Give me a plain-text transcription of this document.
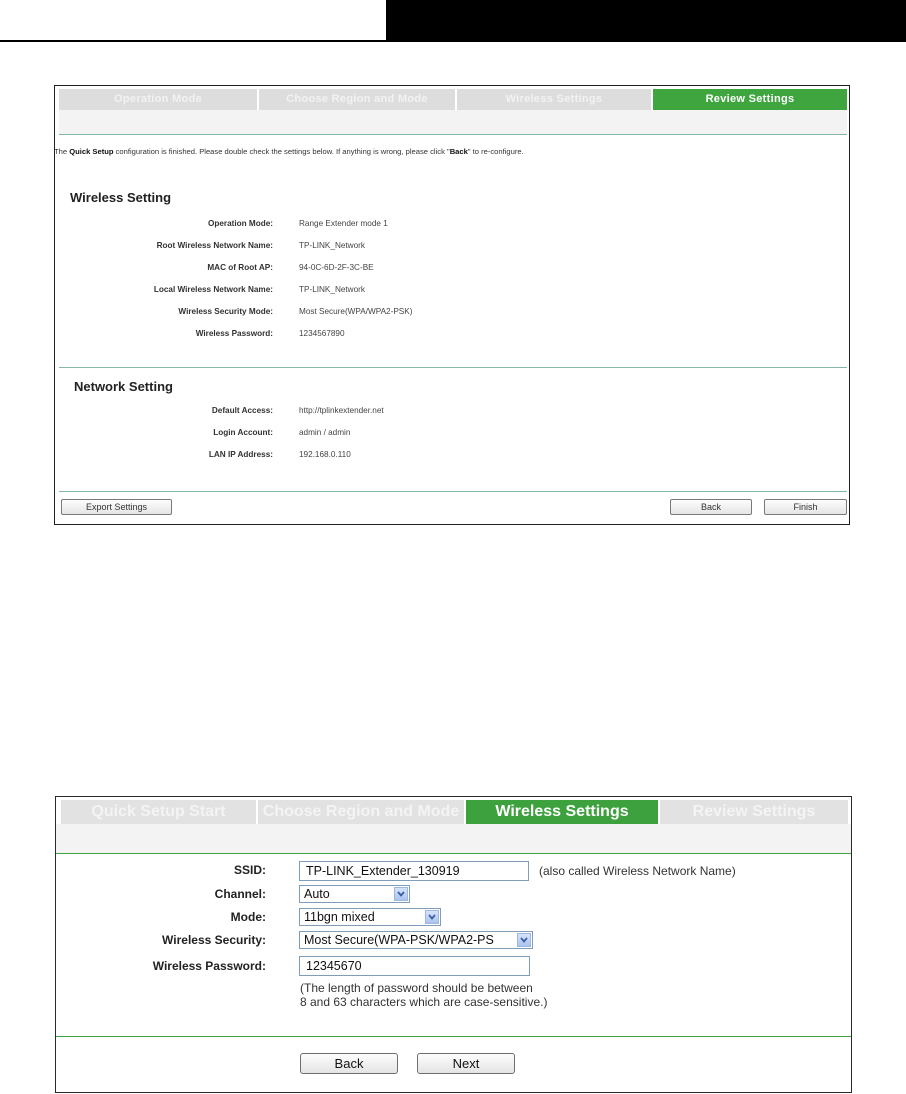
Operation Mode	Choose Region and Mode	Wireless Settings	Review Settings
The Quick Setup configuration is finished. Please double check the settings below. If anything is wrong, please click "Back" to re-configure.
Wireless Setting
Operation Mode:	Range Extender mode 1
Root Wireless Network Name:	TP-LINK_Network
MAC of Root AP:	94-0C-6D-2F-3C-BE
Local Wireless Network Name:	TP-LINK_Network
Wireless Security Mode:	Most Secure(WPA/WPA2-PSK)
Wireless Password:	1234567890
Network Setting
Default Access:	http://tplinkextender.net
Login Account:	admin / admin
LAN IP Address:	192.168.0.110
Export Settings	Back	Finish
Quick Setup Start	Choose Region and Mode	Wireless Settings	Review Settings
SSID:	TP-LINK_Extender_130919	(also called Wireless Network Name)
Channel:	Auto
Mode:	11bgn mixed
Wireless Security:	Most Secure(WPA-PSK/WPA2-PS
Wireless Password:	12345670
(The length of password should be between
8 and 63 characters which are case-sensitive.)
Back	Next
